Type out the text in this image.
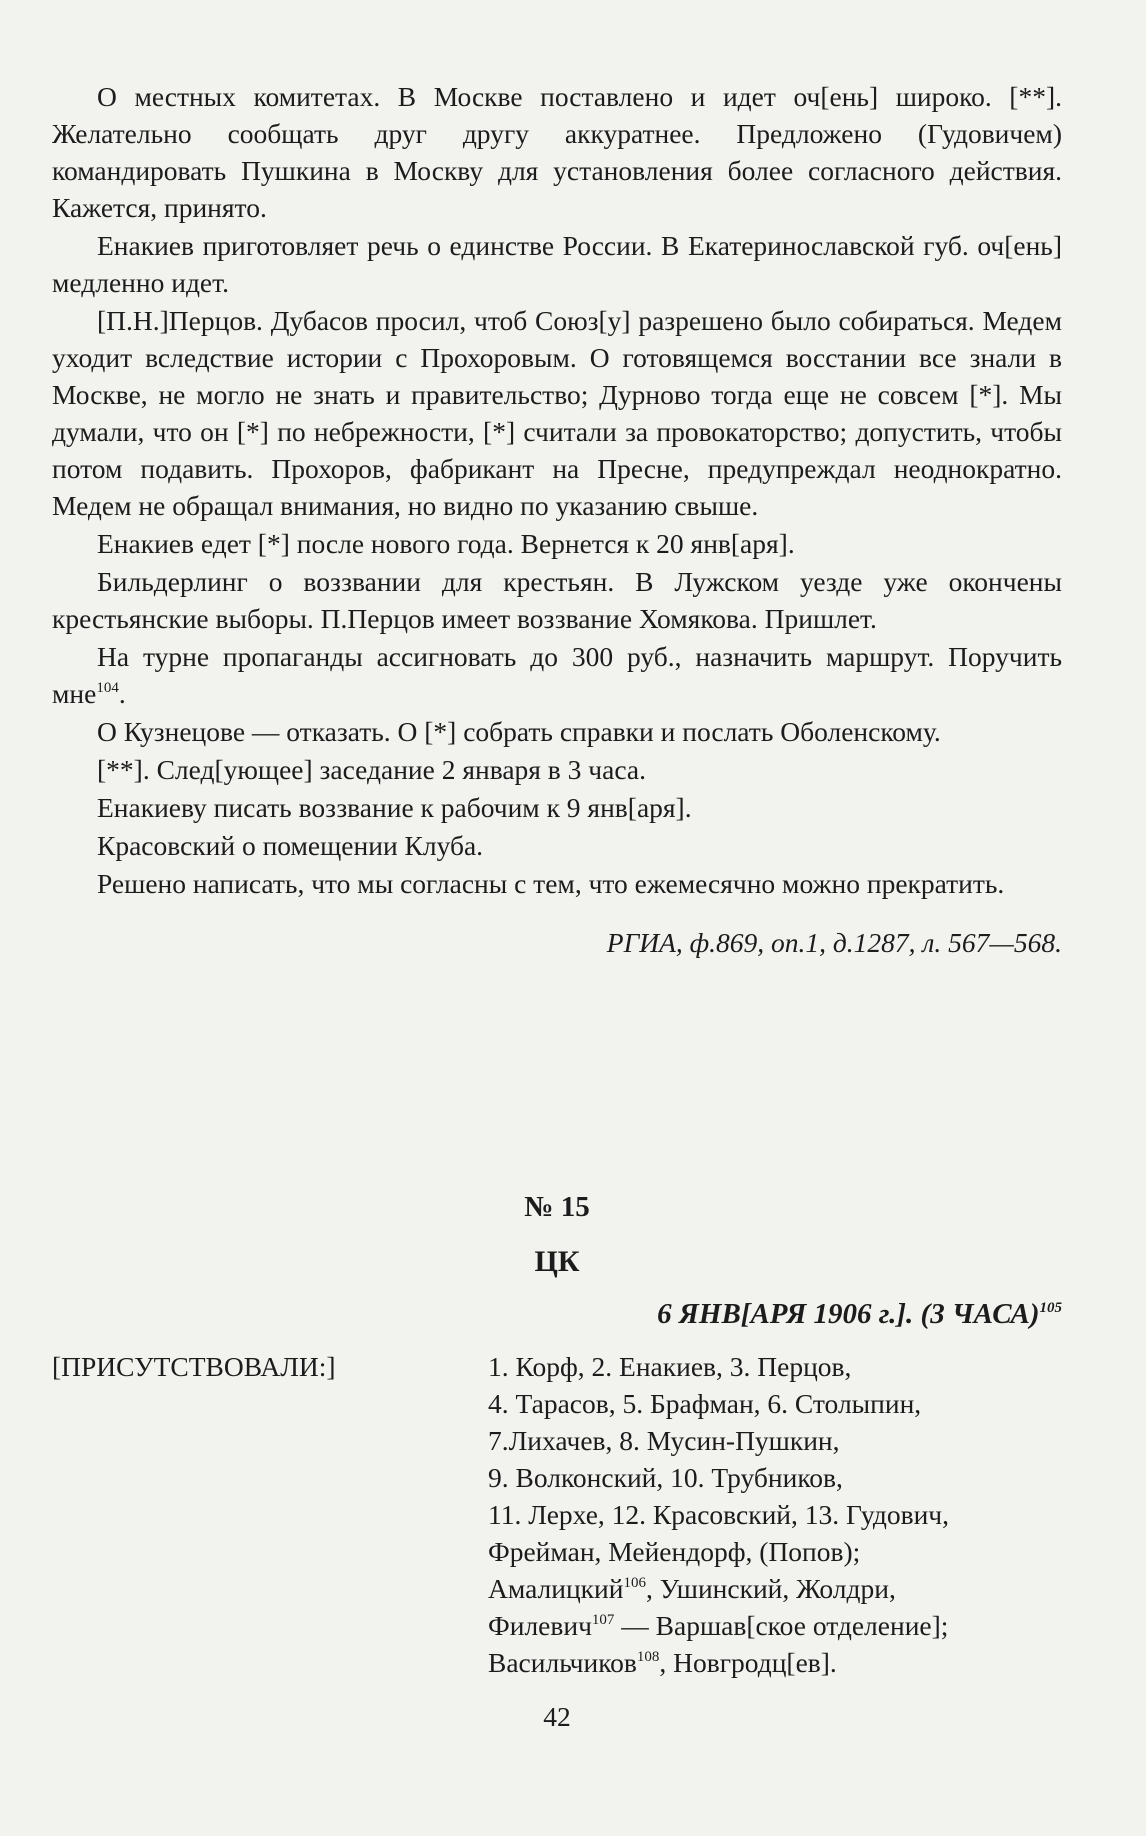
О местных комитетах. В Москве поставлено и идет оч[ень] широко. [**]. Желательно сообщать друг другу аккуратнее. Предложено (Гудовичем) командировать Пушкина в Москву для установления более согласного действия. Кажется, принято.

Енакиев приготовляет речь о единстве России. В Екатеринославской губ. оч[ень] медленно идет.

[П.Н.]Перцов. Дубасов просил, чтоб Союз[у] разрешено было собираться. Медем уходит вследствие истории с Прохоровым. О готовящемся восстании все знали в Москве, не могло не знать и правительство; Дурново тогда еще не совсем [*]. Мы думали, что он [*] по небрежности, [*] считали за провокаторство; допустить, чтобы потом подавить. Прохоров, фабрикант на Пресне, предупреждал неоднократно. Медем не обращал внимания, но видно по указанию свыше.

Енакиев едет [*] после нового года. Вернется к 20 янв[аря].

Бильдерлинг о воззвании для крестьян. В Лужском уезде уже окончены крестьянские выборы. П.Перцов имеет воззвание Хомякова. Пришлет.

На турне пропаганды ассигновать до 300 руб., назначить маршрут. Поручить мне$^{104}$.

О Кузнецове — отказать. О [*] собрать справки и послать Оболенскому.

[**]. След[ующее] заседание 2 января в 3 часа.

Енакиеву писать воззвание к рабочим к 9 янв[аря].

Красовский о помещении Клуба.

Решено написать, что мы согласны с тем, что ежемесячно можно прекратить.

РГИА, ф.869, оп.1, д.1287, л. 567—568.

№ 15
ЦК
6 ЯНВ[АРЯ 1906 г.]. (3 ЧАСА)$^{105}$
[ПРИСУТСТВОВАЛИ:]	1. Корф, 2. Енакиев, 3. Перцов,
4. Тарасов, 5. Брафман, 6. Столыпин,
7.Лихачев, 8. Мусин-Пушкин,
9. Волконский, 10. Трубников,
11. Лерхе, 12. Красовский, 13. Гудович,
Фрейман, Мейендорф, (Попов);
Амалицкий$^{106}$, Ушинский, Жолдри,
Филевич$^{107}$ — Варшав[ское отделение];
Васильчиков$^{108}$, Новгродц[ев].
42
